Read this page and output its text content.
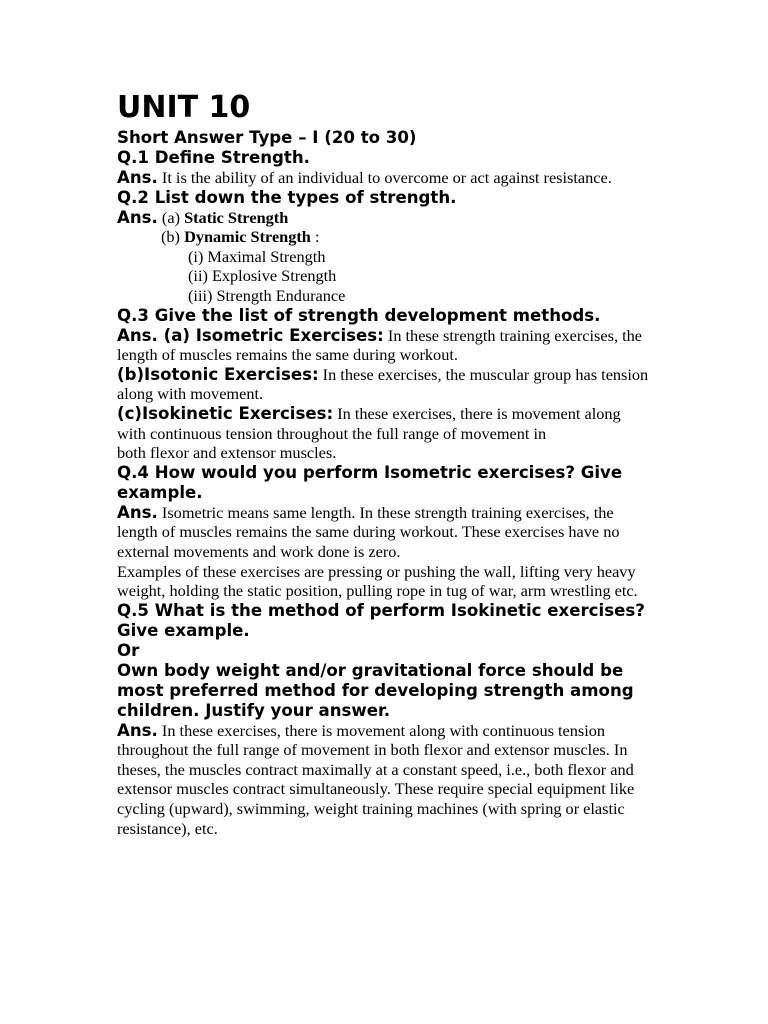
UNIT 10

Short Answer Type – I (20 to 30)

Q.1 Define Strength.

Ans. It is the ability of an individual to overcome or act against resistance.

Q.2 List down the types of strength.

Ans. (a) Static Strength

(b) Dynamic Strength :

(i) Maximal Strength

(ii) Explosive Strength

(iii) Strength Endurance

Q.3 Give the list of strength development methods.

Ans. (a) Isometric Exercises: In these strength training exercises, the length of muscles remains the same during workout.

(b)Isotonic Exercises: In these exercises, the muscular group has tension along with movement.

(c)Isokinetic Exercises: In these exercises, there is movement along

with continuous tension throughout the full range of movement in

both flexor and extensor muscles.

Q.4 How would you perform Isometric exercises? Give example.

Ans. Isometric means same length. In these strength training exercises, the length of muscles remains the same during workout. These exercises have no external movements and work done is zero.

Examples of these exercises are pressing or pushing the wall, lifting very heavy weight, holding the static position, pulling rope in tug of war, arm wrestling etc.

Q.5 What is the method of perform Isokinetic exercises? Give example.

Or

Own body weight and/or gravitational force should be most preferred method for developing strength among children. Justify your answer.

Ans. In these exercises, there is movement along with continuous tension throughout the full range of movement in both flexor and extensor muscles. In theses, the muscles contract maximally at a constant speed, i.e., both flexor and extensor muscles contract simultaneously. These require special equipment like cycling (upward), swimming, weight training machines (with spring or elastic resistance), etc.
